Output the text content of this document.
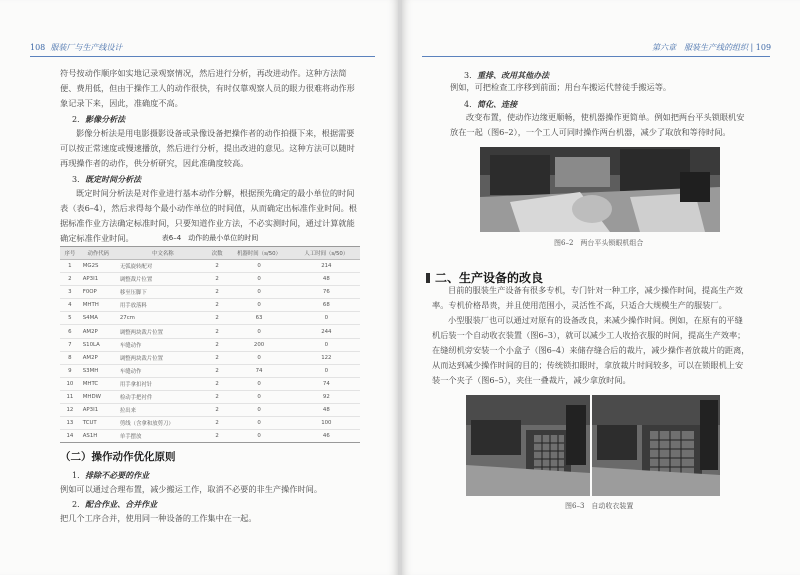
108 服装厂与生产线设计

符号按动作顺序如实地记录观察情况，然后进行分析，再改进动作。这种方法简便、费用低，但由于操作工人的动作很快，有时仅靠观察人员的眼力很难将动作形象记录下来，因此，准确度不高。

2．影像分析法

影像分析法是用电影摄影设备或录像设备把操作者的动作拍摄下来，根据需要可以按正常速度或慢速播放，然后进行分析，提出改进的意见。这种方法可以随时再现操作者的动作，供分析研究，因此准确度较高。

3．既定时间分析法

既定时间分析法是对作业进行基本动作分解，根据预先确定的最小单位的时间表（表6–4），然后求得每个最小动作单位的时间值，从而确定出标准作业时间。根据标准作业方法确定标准时间，只要知道作业方法，不必实测时间，通过计算就能确定标准作业时间。	表6–4　动作的最小单位的时间
序号	动作代码	中文名称	次数	机器时间（s/50）	人工时间（s/50）
1	MG2S	无弧旋转配对	2	0	214
2	AP3I1	调整裁片位置	2	0	48
3	F0OP	移至压脚下	2	0	76
4	MHTH	用手放落料	2	0	68
5	S4MA	27cm	2	63	0
6	AM2P	调整两块裁片位置	2	0	244
7	S10LA	车缝动作	2	200	0
8	AM2P	调整两块裁片位置	2	0	122
9	S3MH	车缝动作	2	74	0
10	MHTC	用手拿扣衬针	2	0	74
11	MHDW	检动手把衬件	2	0	92
12	AP3I1	拉出来	2	0	48
13	TCUT	剪线（含拿和放剪刀）	2	0	100
14	AS1H	单手摆放	2	0	46
（二）操作动作优化原则
1．排除不必要的作业

例如可以通过合理布置，减少搬运工作，取消不必要的非生产操作时间。

2．配合作业、合并作业

把几个工序合并，使用同一种设备的工作集中在一起。

第六章　服装生产线的组织 | 109
3．重排、改用其他办法

例如，可把检查工序移到前面；用台车搬运代替徒手搬运等。

4．简化、连接

改变布置，使动作边缘更顺畅，使机器操作更简单。例如把两台平头锁眼机安放在一起（图6–2），一个工人可同时操作两台机器，减少了取放和等待时间。

图6–2　两台平头锁眼机组合
二、生产设备的改良

目前的服装生产设备有很多专机，专门针对一种工序，减少操作时间，提高生产效率。专机价格昂贵，并且使用范围小，灵活性不高，只适合大规模生产的服装厂。

小型服装厂也可以通过对原有的设备改良，来减少操作时间。例如，在原有的平缝机后装一个自动收衣装置（图6–3），就可以减少工人收拾衣服的时间，提高生产效率；在缝纫机旁安装一个小盒子（图6–4）来储存缝合后的裁片，减少操作者放裁片的距离，从而达到减少操作时间的目的；传统锁扣眼时，拿放裁片时间较多，可以在锁眼机上安装一个夹子（图6–5），夹住一叠裁片，减少拿放时间。

图6–3　自动收衣装置
